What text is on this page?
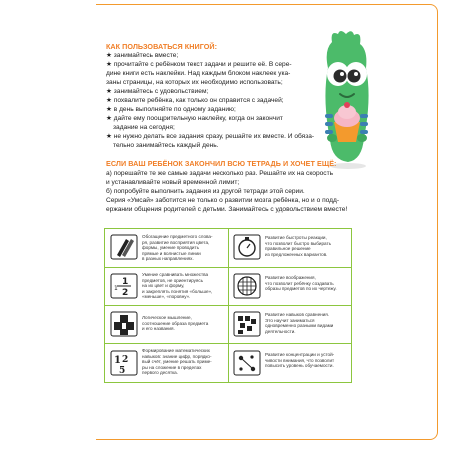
КАК ПОЛЬЗОВАТЬСЯ КНИГОЙ:
★ занимайтесь вместе;
★ прочитайте с ребёнком текст задачи и решите её. В сере-
дине книги есть наклейки. Над каждым блоком наклеек ука-
заны страницы, на которых их необходимо использовать;
★ занимайтесь с удовольствием;
★ похвалите ребёнка, как только он справится с задачей;
★ в день выполняйте по одному заданию;
★ дайте ему поощрительную наклейку, когда он закончит
задание на сегодня;
★ не нужно делать все задания сразу, решайте их вместе. И обяза-
тельно занимайтесь каждый день.
ЕСЛИ ВАШ РЕБЁНОК ЗАКОНЧИЛ ВСЮ ТЕТРАДЬ И ХОЧЕТ ЕЩЁ:
а) порешайте те же самые задачи несколько раз. Решайте их на скорость
и устанавливайте новый временной лимит;
б) попробуйте выполнить задания из другой тетради этой серии.
Серия «Умсай» заботится не только о развитии мозга ребёнка, но и о подд-
ержании общения родителей с детьми. Занимайтесь с удовольствием вместе!
Обогащение предметного слова-
ря, развитие восприятия цвета,
формы, умение проводить
прямые и волнистые линии
в разных направлениях.
1
2
1
Умение сравнивать множества
предметов, не ориентируясь
на их цвет и форму,
и закреплять понятия «больше»,
«меньше», «поровну».
Логическое мышление,
соотношение образа предмета
и его названия.
1 2
5
Формирование математических
навыков: знание цифр, порядко-
вый счёт, умение решать приме-
ры на сложение в пределах
первого десятка.
Развитие быстроты реакции,
что позволит быстро выбирать
правильное решение
из предложенных вариантов.
Развитие воображения,
что позволит ребёнку создавать
образы предметов по их чертежу.
Развитие навыков сравнения.
Это научит заниматься
одновременно разными видами
деятельности.
Развитие концентрации и устой-
чивости внимания, что позволит
повысить уровень обучаемости.
